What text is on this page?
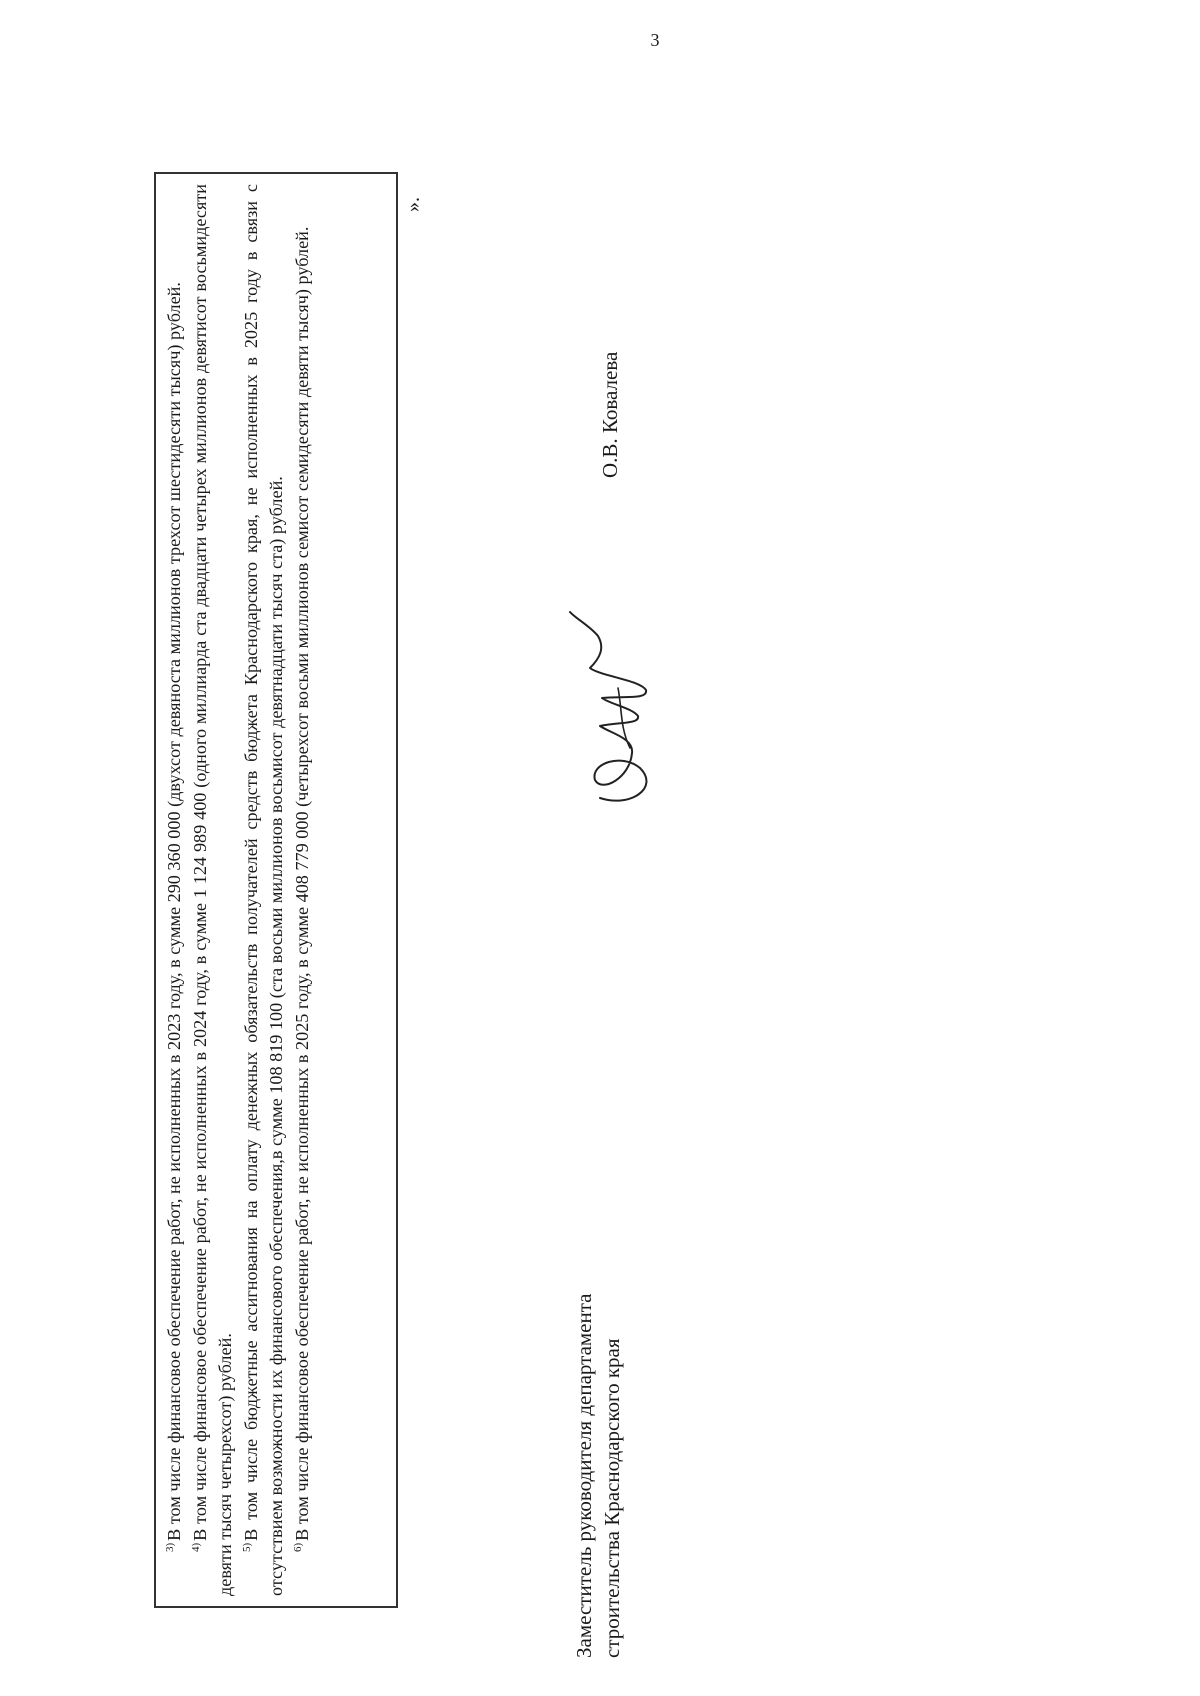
3

$^{3)}$В том числе финансовое обеспечение работ, не исполненных в 2023 году, в сумме 290 360 000 (двухсот девяноста миллионов трехсот шестидесяти тысяч) рублей.

$^{4)}$В том числе финансовое обеспечение работ, не исполненных в 2024 году, в сумме 1 124 989 400 (одного миллиарда ста двадцати четырех миллионов девятисот восьмидесяти девяти тысяч четырехсот) рублей. $^{5)}$В том числе бюджетные ассигнования на оплату денежных обязательств получателей средств бюджета Краснодарского края, не исполненных в 2025 году в связи с отсутствием возможности их финансового обеспечения,в сумме 108 819 100 (ста восьми миллионов восьмисот девятнадцати тысяч ста) рублей. $^{6)}$В том числе финансовое обеспечение работ, не исполненных в 2025 году, в сумме 408 779 000 (четырехсот восьми миллионов семисот семидесяти девяти тысяч) рублей.

».
Заместитель руководителя департамента строительства Краснодарского края
О.В. Ковалева
